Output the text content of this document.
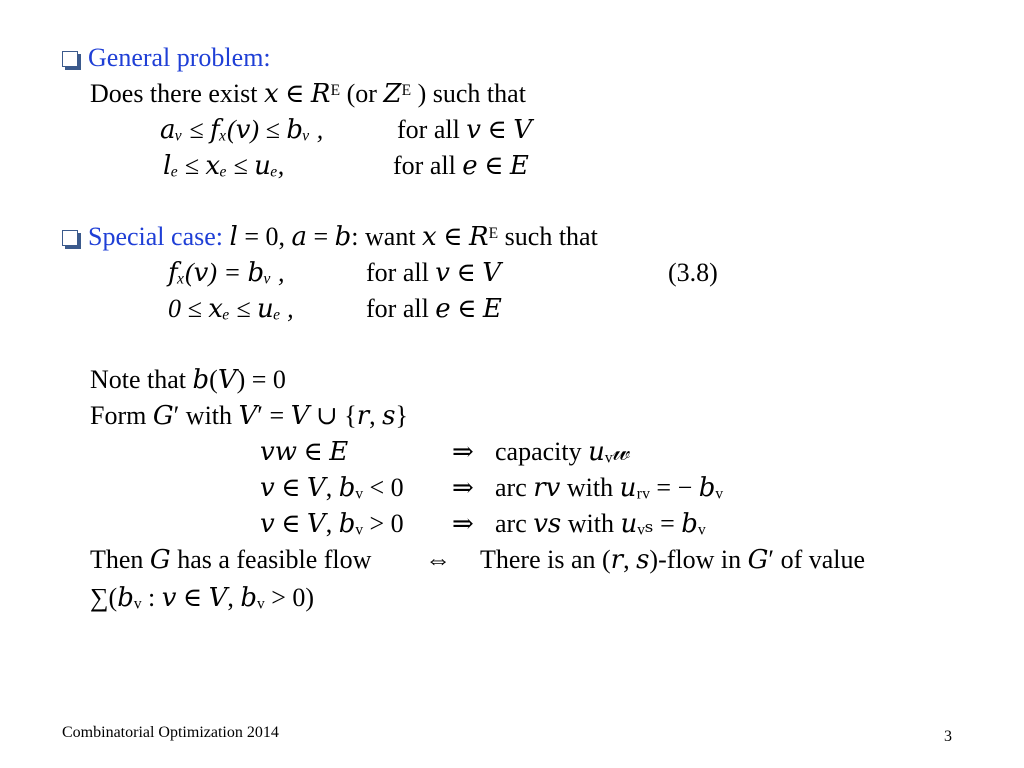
General problem:
Does there exist 𝑥 ∈ 𝑅ᴱ (or 𝑍ᴱ ) such that
𝑎ᵥ ≤ 𝑓ₓ(𝑣) ≤ 𝑏ᵥ ,	for all 𝑣 ∈ 𝑉
𝑙ₑ ≤ 𝑥ₑ ≤ 𝑢ₑ,	for all 𝑒 ∈ 𝐸
Special case: 𝑙 = 0, 𝑎 = 𝑏: want 𝑥 ∈ 𝑅ᴱ such that
𝑓ₓ(𝑣) = 𝑏ᵥ ,	for all 𝑣 ∈ 𝑉	(3.8)
0 ≤ 𝑥ₑ ≤ 𝑢ₑ ,	for all 𝑒 ∈ 𝐸
Note that 𝑏(𝑉) = 0
Form 𝐺′ with 𝑉′ = 𝑉 ∪ {𝑟, 𝑠}
𝑣𝑤 ∈ 𝐸	⇒ capacity 𝑢ᵥ𝓌
𝑣 ∈ 𝑉, 𝑏ᵥ < 0 ⇒ arc 𝑟𝑣 with 𝑢ᵣᵥ = − 𝑏ᵥ
𝑣 ∈ 𝑉, 𝑏ᵥ > 0 ⇒ arc 𝑣𝑠 with 𝑢ᵥₛ = 𝑏ᵥ
Then 𝐺 has a feasible flow ⇔ There is an (𝑟, 𝑠)-flow in 𝐺′ of value
∑(𝑏ᵥ : 𝑣 ∈ 𝑉, 𝑏ᵥ > 0)
Combinatorial Optimization 2014	3
